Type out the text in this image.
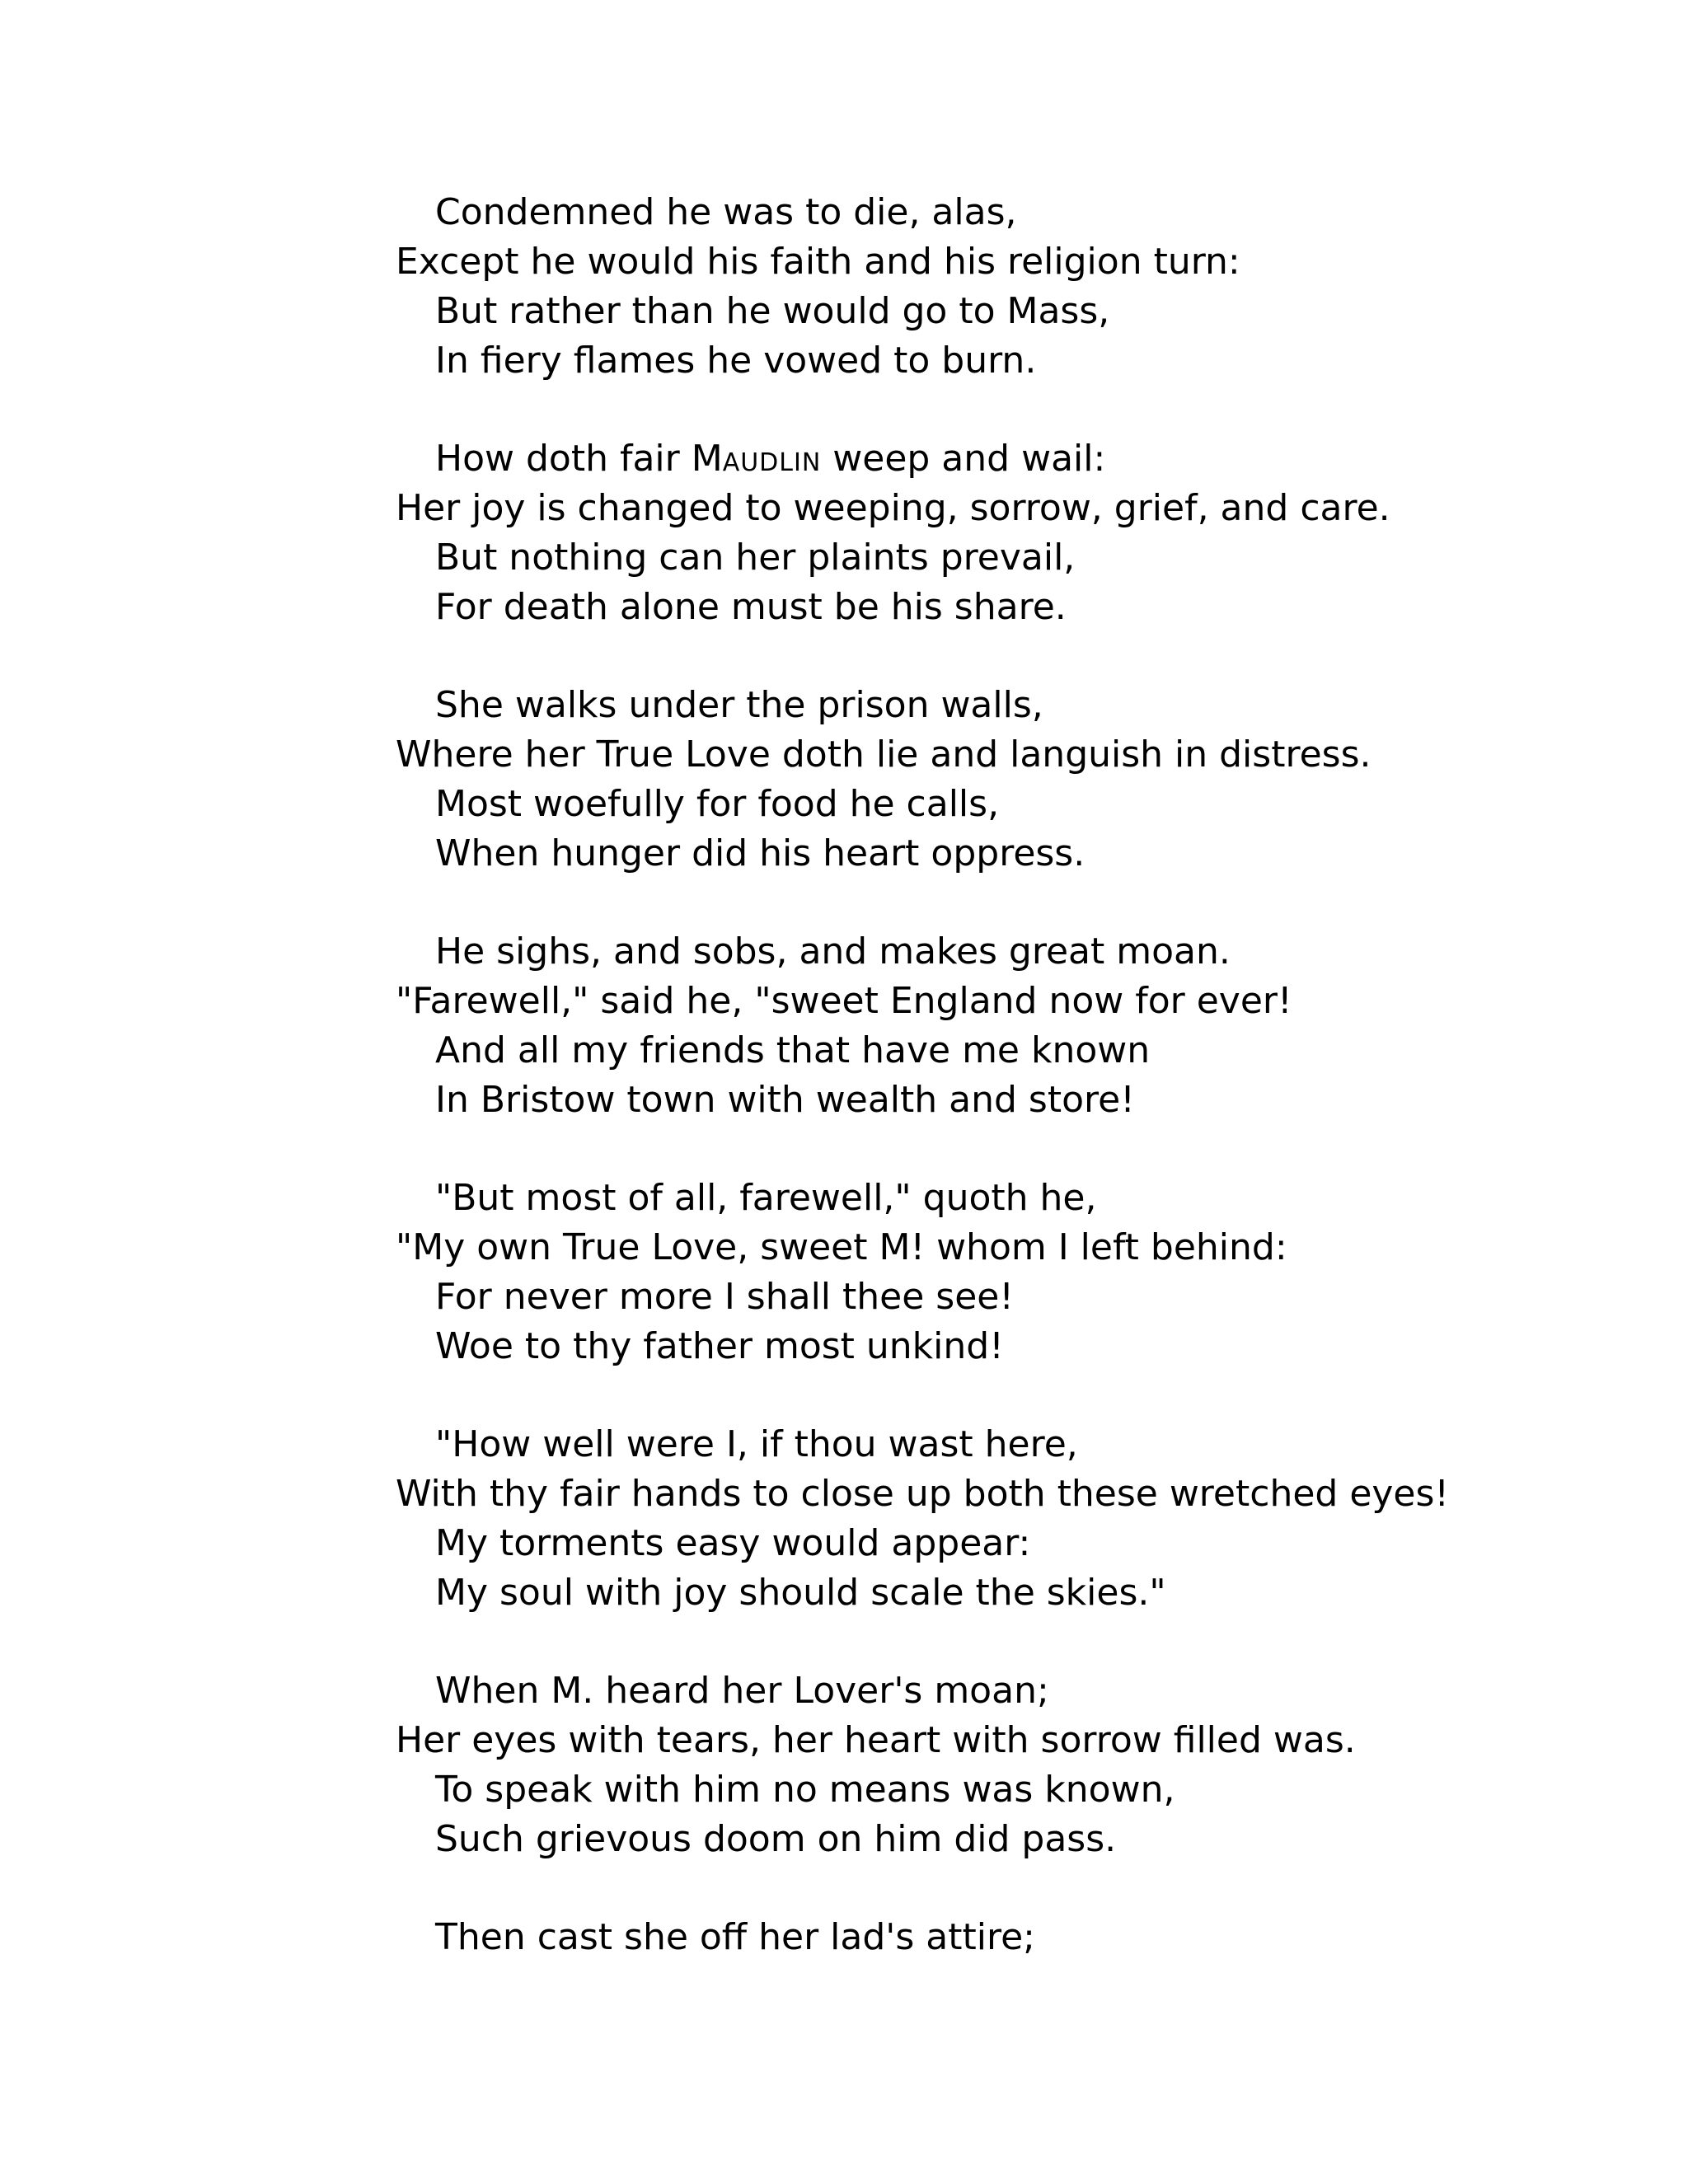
Condemned he was to die, alas,
Except he would his faith and his religion turn:
But rather than he would go to Mass,
In fiery flames he vowed to burn.
How doth fair MAUDLIN weep and wail:
Her joy is changed to weeping, sorrow, grief, and care.
But nothing can her plaints prevail,
For death alone must be his share.
She walks under the prison walls,
Where her True Love doth lie and languish in distress.
Most woefully for food he calls,
When hunger did his heart oppress.
He sighs, and sobs, and makes great moan.
"Farewell," said he, "sweet England now for ever!
And all my friends that have me known
In Bristow town with wealth and store!
"But most of all, farewell," quoth he,
"My own True Love, sweet M! whom I left behind:
For never more I shall thee see!
Woe to thy father most unkind!
"How well were I, if thou wast here,
With thy fair hands to close up both these wretched eyes!
My torments easy would appear:
My soul with joy should scale the skies."
When M. heard her Lover's moan;
Her eyes with tears, her heart with sorrow filled was.
To speak with him no means was known,
Such grievous doom on him did pass.
Then cast she off her lad's attire;
